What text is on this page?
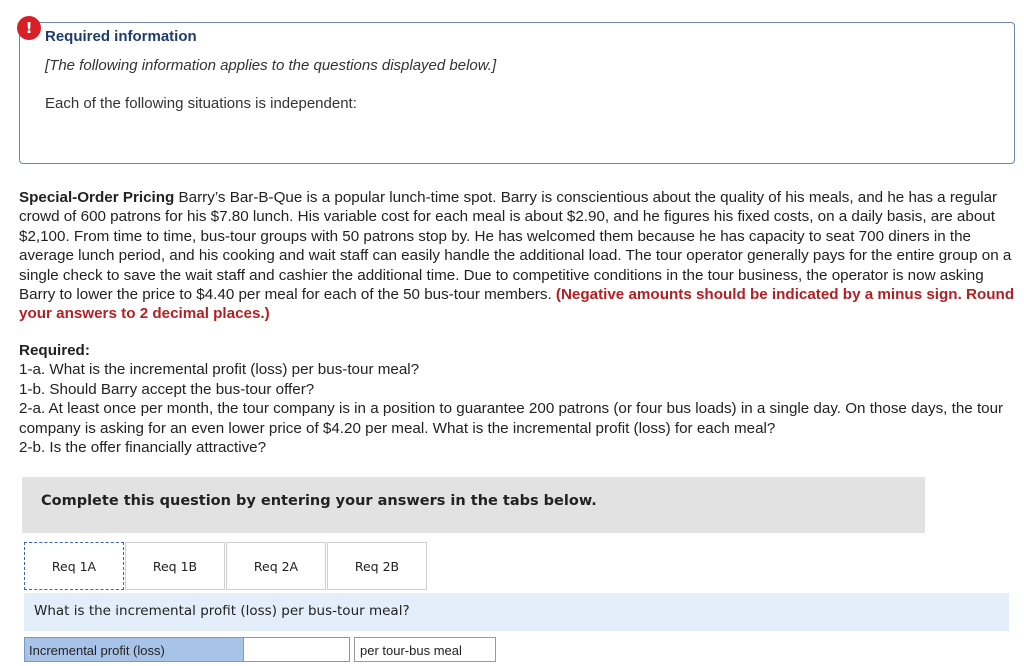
! Required information
[The following information applies to the questions displayed below.]
Each of the following situations is independent:
Special-Order Pricing Barry’s Bar-B-Que is a popular lunch-time spot. Barry is conscientious about the quality of his meals, and he has a regular crowd of 600 patrons for his $7.80 lunch. His variable cost for each meal is about $2.90, and he figures his fixed costs, on a daily basis, are about $2,100. From time to time, bus-tour groups with 50 patrons stop by. He has welcomed them because he has capacity to seat 700 diners in the average lunch period, and his cooking and wait staff can easily handle the additional load. The tour operator generally pays for the entire group on a single check to save the wait staff and cashier the additional time. Due to competitive conditions in the tour business, the operator is now asking Barry to lower the price to $4.40 per meal for each of the 50 bus-tour members. (Negative amounts should be indicated by a minus sign. Round your answers to 2 decimal places.)
Required:
1-a. What is the incremental profit (loss) per bus-tour meal?
1-b. Should Barry accept the bus-tour offer?
2-a. At least once per month, the tour company is in a position to guarantee 200 patrons (or four bus loads) in a single day. On those days, the tour company is asking for an even lower price of $4.20 per meal. What is the incremental profit (loss) for each meal?
2-b. Is the offer financially attractive?
Complete this question by entering your answers in the tabs below.
Req 1A	Req 1B	Req 2A	Req 2B
What is the incremental profit (loss) per bus-tour meal?
Incremental profit (loss)	per tour-bus meal
